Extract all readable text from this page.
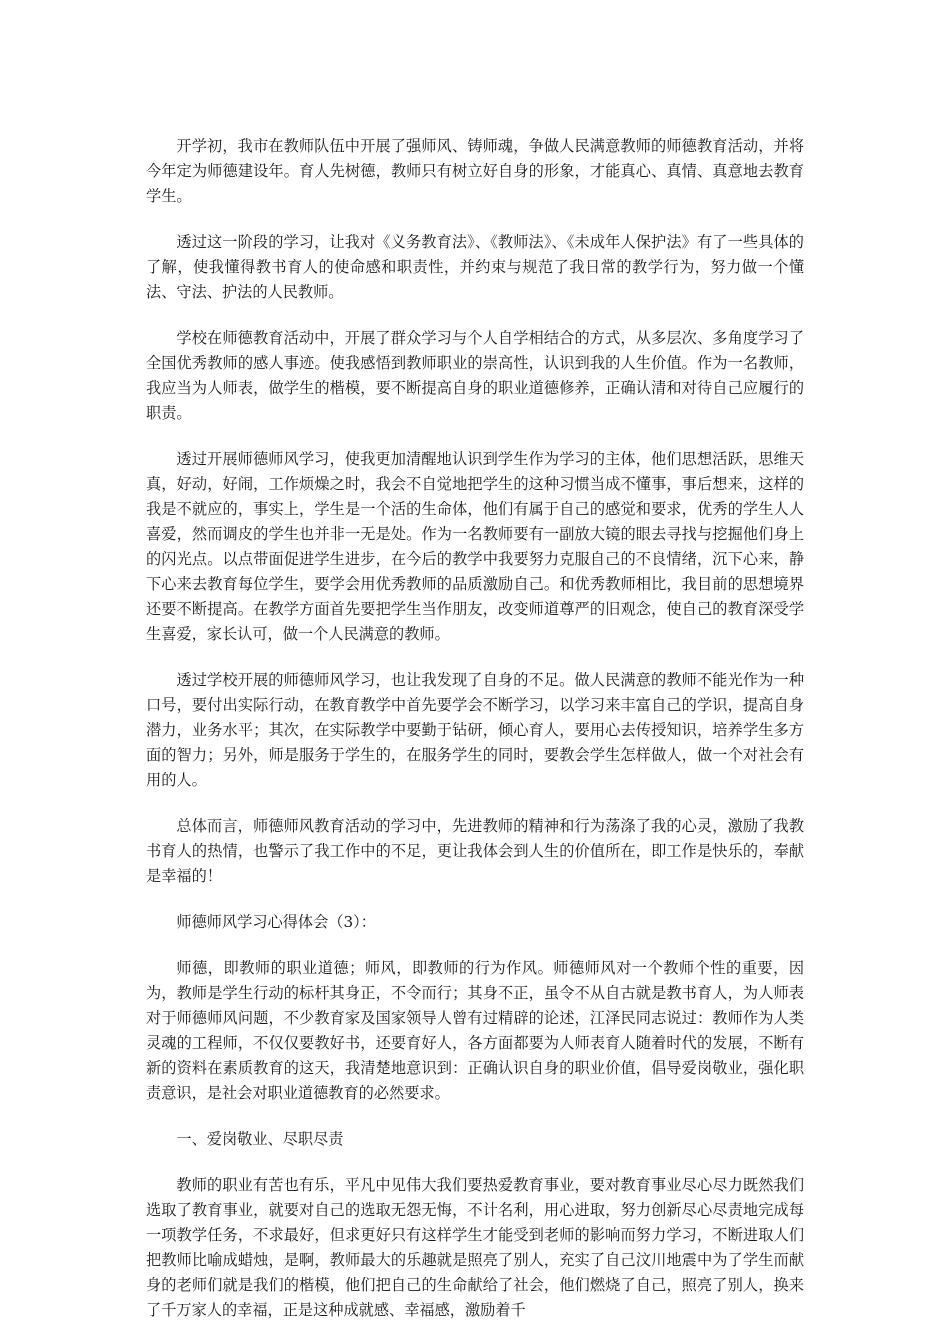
开学初，我市在教师队伍中开展了强师风、铸师魂，争做人民满意教师的师德教育活动，并将今年定为师德建设年。育人先树德，教师只有树立好自身的形象，才能真心、真情、真意地去教育学生。

透过这一阶段的学习，让我对《义务教育法》、《教师法》、《未成年人保护法》有了一些具体的了解，使我懂得教书育人的使命感和职责性，并约束与规范了我日常的教学行为，努力做一个懂法、守法、护法的人民教师。

学校在师德教育活动中，开展了群众学习与个人自学相结合的方式，从多层次、多角度学习了全国优秀教师的感人事迹。使我感悟到教师职业的崇高性，认识到我的人生价值。作为一名教师，我应当为人师表，做学生的楷模，要不断提高自身的职业道德修养，正确认清和对待自己应履行的职责。

透过开展师德师风学习，使我更加清醒地认识到学生作为学习的主体，他们思想活跃，思维天真，好动，好闹，工作烦燥之时，我会不自觉地把学生的这种习惯当成不懂事，事后想来，这样的我是不就应的，事实上，学生是一个活的生命体，他们有属于自己的感觉和要求，优秀的学生人人喜爱，然而调皮的学生也并非一无是处。作为一名教师要有一副放大镜的眼去寻找与挖掘他们身上的闪光点。以点带面促进学生进步，在今后的教学中我要努力克服自己的不良情绪，沉下心来，静下心来去教育每位学生，要学会用优秀教师的品质激励自己。和优秀教师相比，我目前的思想境界还要不断提高。在教学方面首先要把学生当作朋友，改变师道尊严的旧观念，使自己的教育深受学生喜爱，家长认可，做一个人民满意的教师。

透过学校开展的师德师风学习，也让我发现了自身的不足。做人民满意的教师不能光作为一种口号，要付出实际行动，在教育教学中首先要学会不断学习，以学习来丰富自己的学识，提高自身潜力，业务水平；其次，在实际教学中要勤于钻研，倾心育人，要用心去传授知识，培养学生多方面的智力；另外，师是服务于学生的，在服务学生的同时，要教会学生怎样做人，做一个对社会有用的人。

总体而言，师德师风教育活动的学习中，先进教师的精神和行为荡涤了我的心灵，激励了我教书育人的热情，也警示了我工作中的不足，更让我体会到人生的价值所在，即工作是快乐的，奉献是幸福的！

师德师风学习心得体会（3）：

师德，即教师的职业道德；师风，即教师的行为作风。师德师风对一个教师个性的重要，因为，教师是学生行动的标杆其身正，不令而行；其身不正，虽令不从自古就是教书育人，为人师表对于师德师风问题，不少教育家及国家领导人曾有过精辟的论述，江泽民同志说过：教师作为人类灵魂的工程师，不仅仅要教好书，还要育好人，各方面都要为人师表育人随着时代的发展，不断有新的资料在素质教育的这天，我清楚地意识到：正确认识自身的职业价值，倡导爱岗敬业，强化职责意识，是社会对职业道德教育的必然要求。

一、爱岗敬业、尽职尽责

教师的职业有苦也有乐，平凡中见伟大我们要热爱教育事业，要对教育事业尽心尽力既然我们选取了教育事业，就要对自己的选取无怨无悔，不计名利，用心进取，努力创新尽心尽责地完成每一项教学任务，不求最好，但求更好只有这样学生才能受到老师的影响而努力学习，不断进取人们把教师比喻成蜡烛，是啊，教师最大的乐趣就是照亮了别人，充实了自己汶川地震中为了学生而献身的老师们就是我们的楷模，他们把自己的生命献给了社会，他们燃烧了自己，照亮了别人，换来了千万家人的幸福，正是这种成就感、幸福感，激励着千
